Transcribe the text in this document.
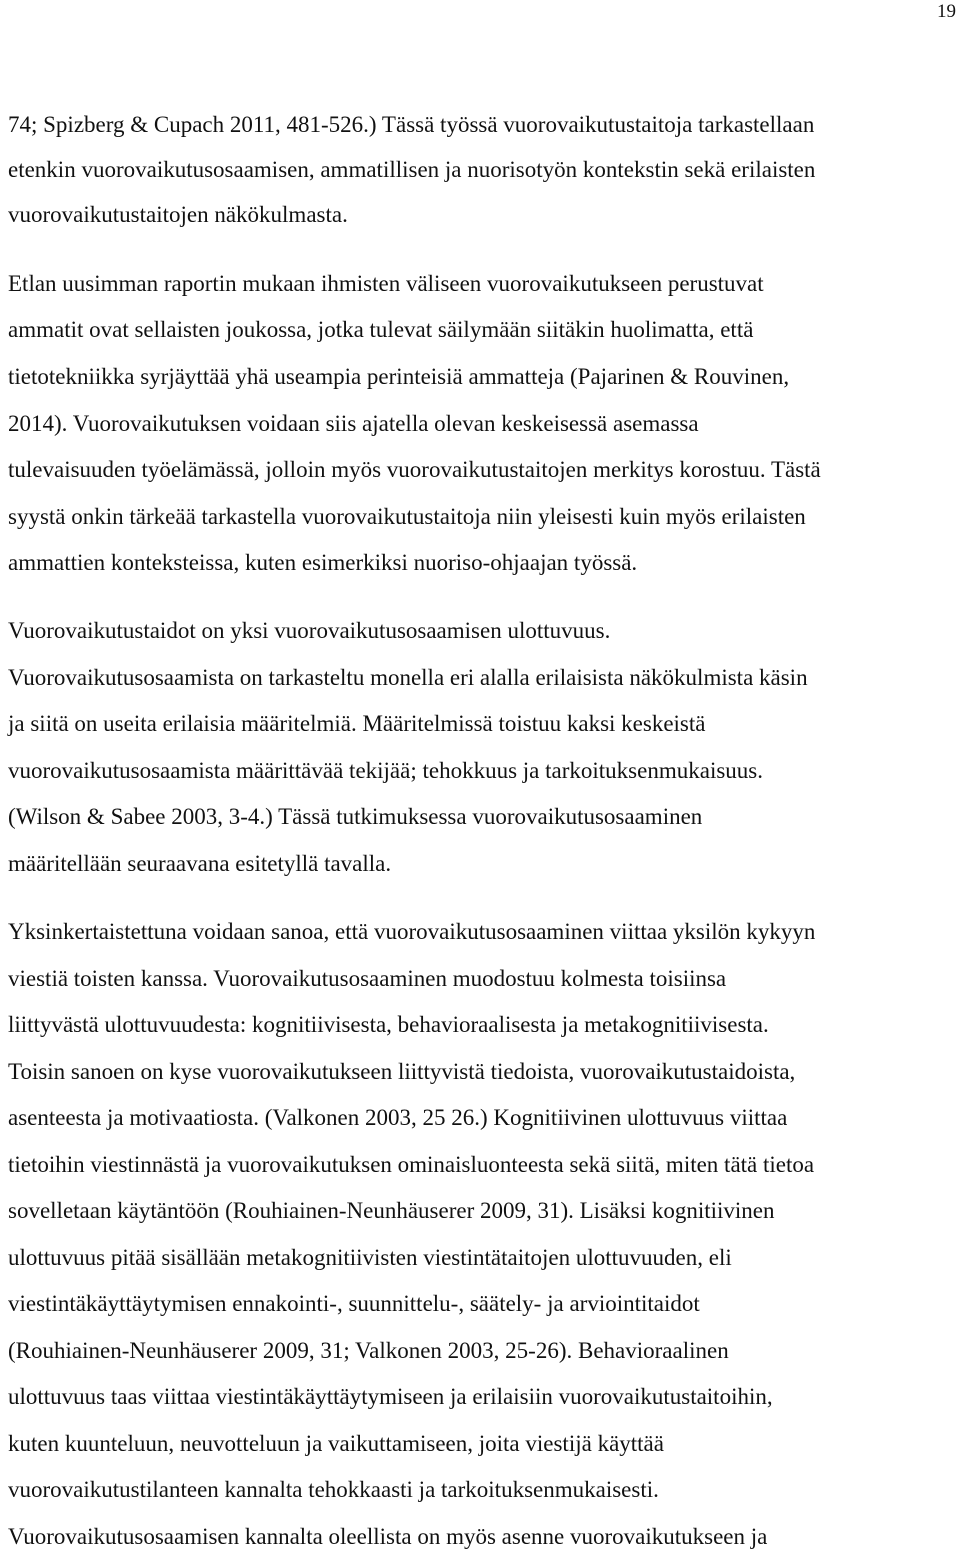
19
74; Spizberg & Cupach 2011, 481-526.) Tässä työssä vuorovaikutustaitoja tarkastellaan
etenkin vuorovaikutusosaamisen, ammatillisen ja nuorisotyön kontekstin sekä erilaisten
vuorovaikutustaitojen näkökulmasta.
Etlan uusimman raportin mukaan ihmisten väliseen vuorovaikutukseen perustuvat
ammatit ovat sellaisten joukossa, jotka tulevat säilymään siitäkin huolimatta, että
tietotekniikka syrjäyttää yhä useampia perinteisiä ammatteja (Pajarinen & Rouvinen,
2014). Vuorovaikutuksen voidaan siis ajatella olevan keskeisessä asemassa
tulevaisuuden työelämässä, jolloin myös vuorovaikutustaitojen merkitys korostuu. Tästä
syystä onkin tärkeää tarkastella vuorovaikutustaitoja niin yleisesti kuin myös erilaisten
ammattien konteksteissa, kuten esimerkiksi nuoriso-ohjaajan työssä.
Vuorovaikutustaidot on yksi vuorovaikutusosaamisen ulottuvuus.
Vuorovaikutusosaamista on tarkasteltu monella eri alalla erilaisista näkökulmista käsin
ja siitä on useita erilaisia määritelmiä. Määritelmissä toistuu kaksi keskeistä
vuorovaikutusosaamista määrittävää tekijää; tehokkuus ja tarkoituksenmukaisuus.
(Wilson & Sabee 2003, 3-4.) Tässä tutkimuksessa vuorovaikutusosaaminen
määritellään seuraavana esitetyllä tavalla.
Yksinkertaistettuna voidaan sanoa, että vuorovaikutusosaaminen viittaa yksilön kykyyn
viestiä toisten kanssa. Vuorovaikutusosaaminen muodostuu kolmesta toisiinsa
liittyvästä ulottuvuudesta: kognitiivisesta, behavioraalisesta ja metakognitiivisesta.
Toisin sanoen on kyse vuorovaikutukseen liittyvistä tiedoista, vuorovaikutustaidoista,
asenteesta ja motivaatiosta. (Valkonen 2003, 25 26.) Kognitiivinen ulottuvuus viittaa
tietoihin viestinnästä ja vuorovaikutuksen ominaisluonteesta sekä siitä, miten tätä tietoa
sovelletaan käytäntöön (Rouhiainen-Neunhäuserer 2009, 31). Lisäksi kognitiivinen
ulottuvuus pitää sisällään metakognitiivisten viestintätaitojen ulottuvuuden, eli
viestintäkäyttäytymisen ennakointi-, suunnittelu-, säätely- ja arviointitaidot
(Rouhiainen-Neunhäuserer 2009, 31; Valkonen 2003, 25-26). Behavioraalinen
ulottuvuus taas viittaa viestintäkäyttäytymiseen ja erilaisiin vuorovaikutustaitoihin,
kuten kuunteluun, neuvotteluun ja vaikuttamiseen, joita viestijä käyttää
vuorovaikutustilanteen kannalta tehokkaasti ja tarkoituksenmukaisesti.
Vuorovaikutusosaamisen kannalta oleellista on myös asenne vuorovaikutukseen ja
